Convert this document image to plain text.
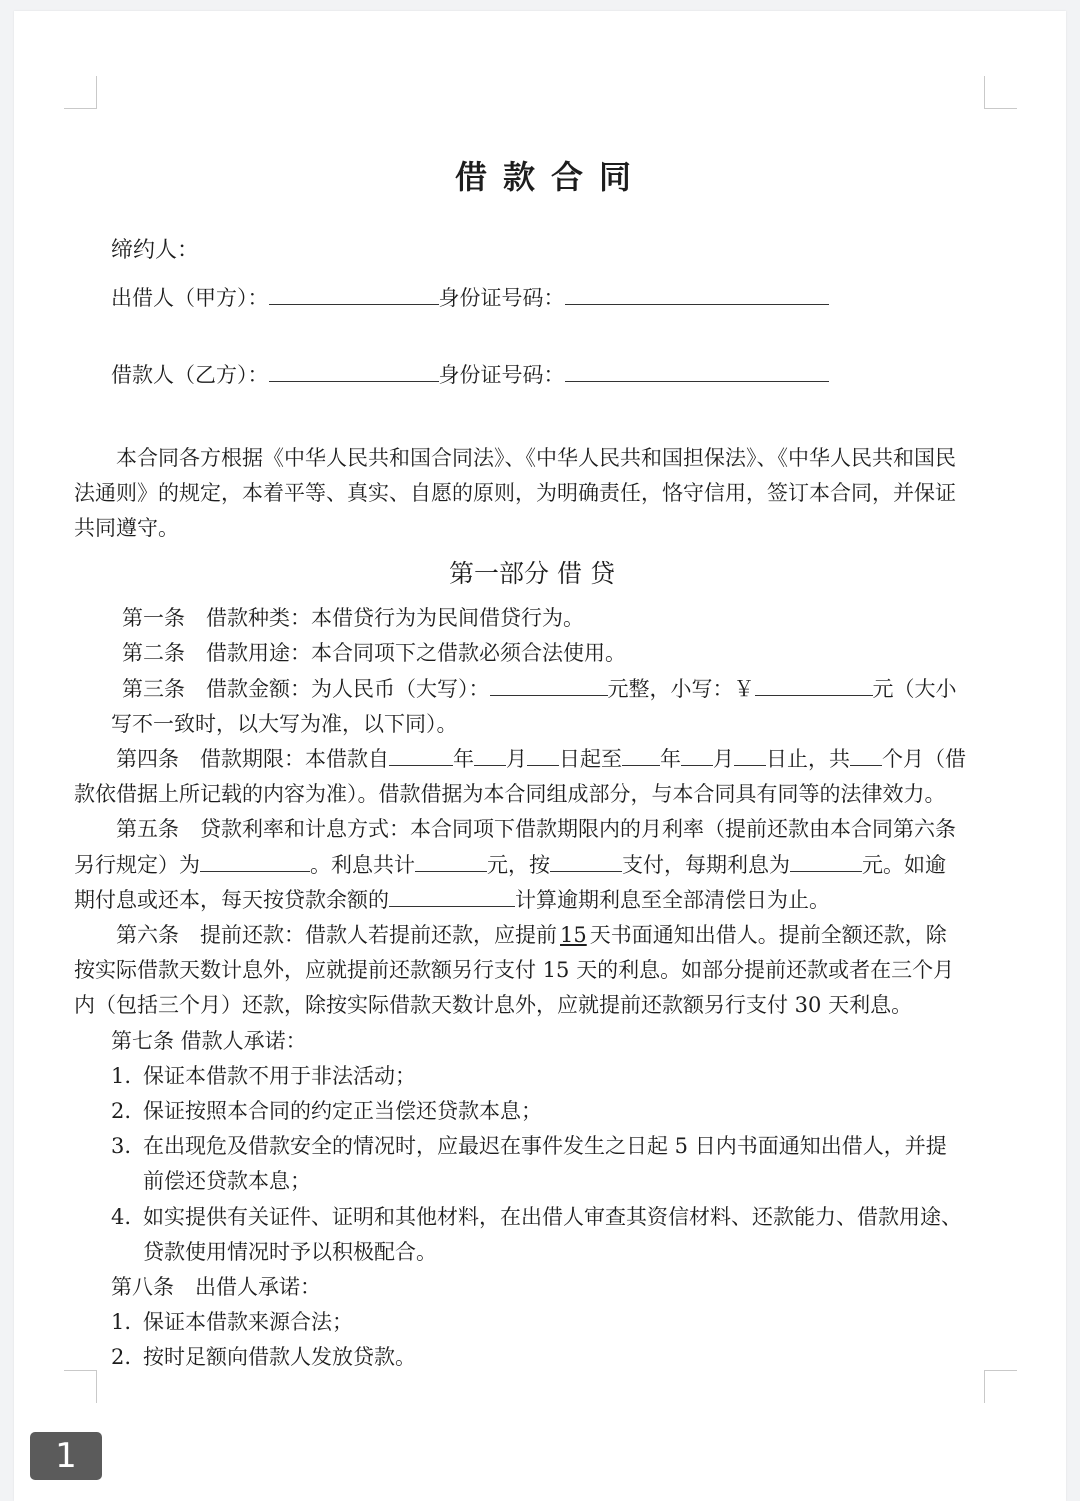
借款合同
缔约人：
出借人（甲方）：	身份证号码：
借款人（乙方）：	身份证号码：
本合同各方根据《中华人民共和国合同法》、《中华人民共和国担保法》、《中华人民共和国民
法通则》的规定，本着平等、真实、自愿的原则，为明确责任，恪守信用，签订本合同，并保证
共同遵守。
第一部分 借 贷
第一条　借款种类：本借贷行为为民间借贷行为。
第二条　借款用途：本合同项下之借款必须合法使用。
第三条　借款金额：为人民币（大写）：	元整，小写：￥	元（大小
写不一致时，以大写为准，以下同）。
第四条　借款期限：本借款自	年 月 日起至 年 月 日止，共 个月（借
款依借据上所记载的内容为准）。借款借据为本合同组成部分，与本合同具有同等的法律效力。
第五条　贷款利率和计息方式：本合同项下借款期限内的月利率（提前还款由本合同第六条
另行规定）为	。利息共计	元，按	支付，每期利息为	元。如逾
期付息或还本，每天按贷款余额的	计算逾期利息至全部清偿日为止。
第六条　提前还款：借款人若提前还款，应提前 15 天书面通知出借人。提前全额还款，除
按实际借款天数计息外，应就提前还款额另行支付 15 天的利息。如部分提前还款或者在三个月
内（包括三个月）还款，除按实际借款天数计息外，应就提前还款额另行支付 30 天利息。
第七条 借款人承诺：
1. 保证本借款不用于非法活动；
2. 保证按照本合同的约定正当偿还贷款本息；
3. 在出现危及借款安全的情况时，应最迟在事件发生之日起 5 日内书面通知出借人，并提
前偿还贷款本息；
4. 如实提供有关证件、证明和其他材料，在出借人审查其资信材料、还款能力、借款用途、
贷款使用情况时予以积极配合。
第八条　出借人承诺：
1. 保证本借款来源合法；
2. 按时足额向借款人发放贷款。
1
